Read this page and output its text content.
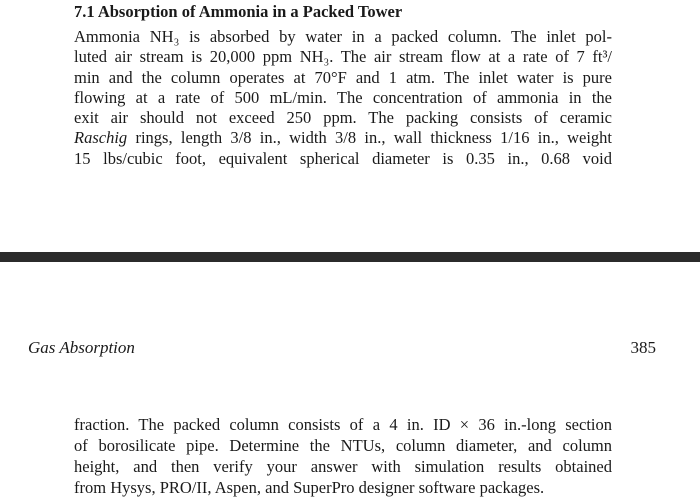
7.1 Absorption of Ammonia in a Packed Tower
Ammonia NH₃ is absorbed by water in a packed column. The inlet pol-
luted air stream is 20,000 ppm NH₃. The air stream flow at a rate of 7 ft³/
min and the column operates at 70°F and 1 atm. The inlet water is pure
flowing at a rate of 500 mL/min. The concentration of ammonia in the
exit air should not exceed 250 ppm. The packing consists of ceramic
Raschig rings, length 3/8 in., width 3/8 in., wall thickness 1/16 in., weight
15 lbs/cubic foot, equivalent spherical diameter is 0.35 in., 0.68 void
Gas Absorption	385
fraction. The packed column consists of a 4 in. ID × 36 in.-long section
of borosilicate pipe. Determine the NTUs, column diameter, and column
height, and then verify your answer with simulation results obtained
from Hysys, PRO/II, Aspen, and SuperPro designer software packages.
